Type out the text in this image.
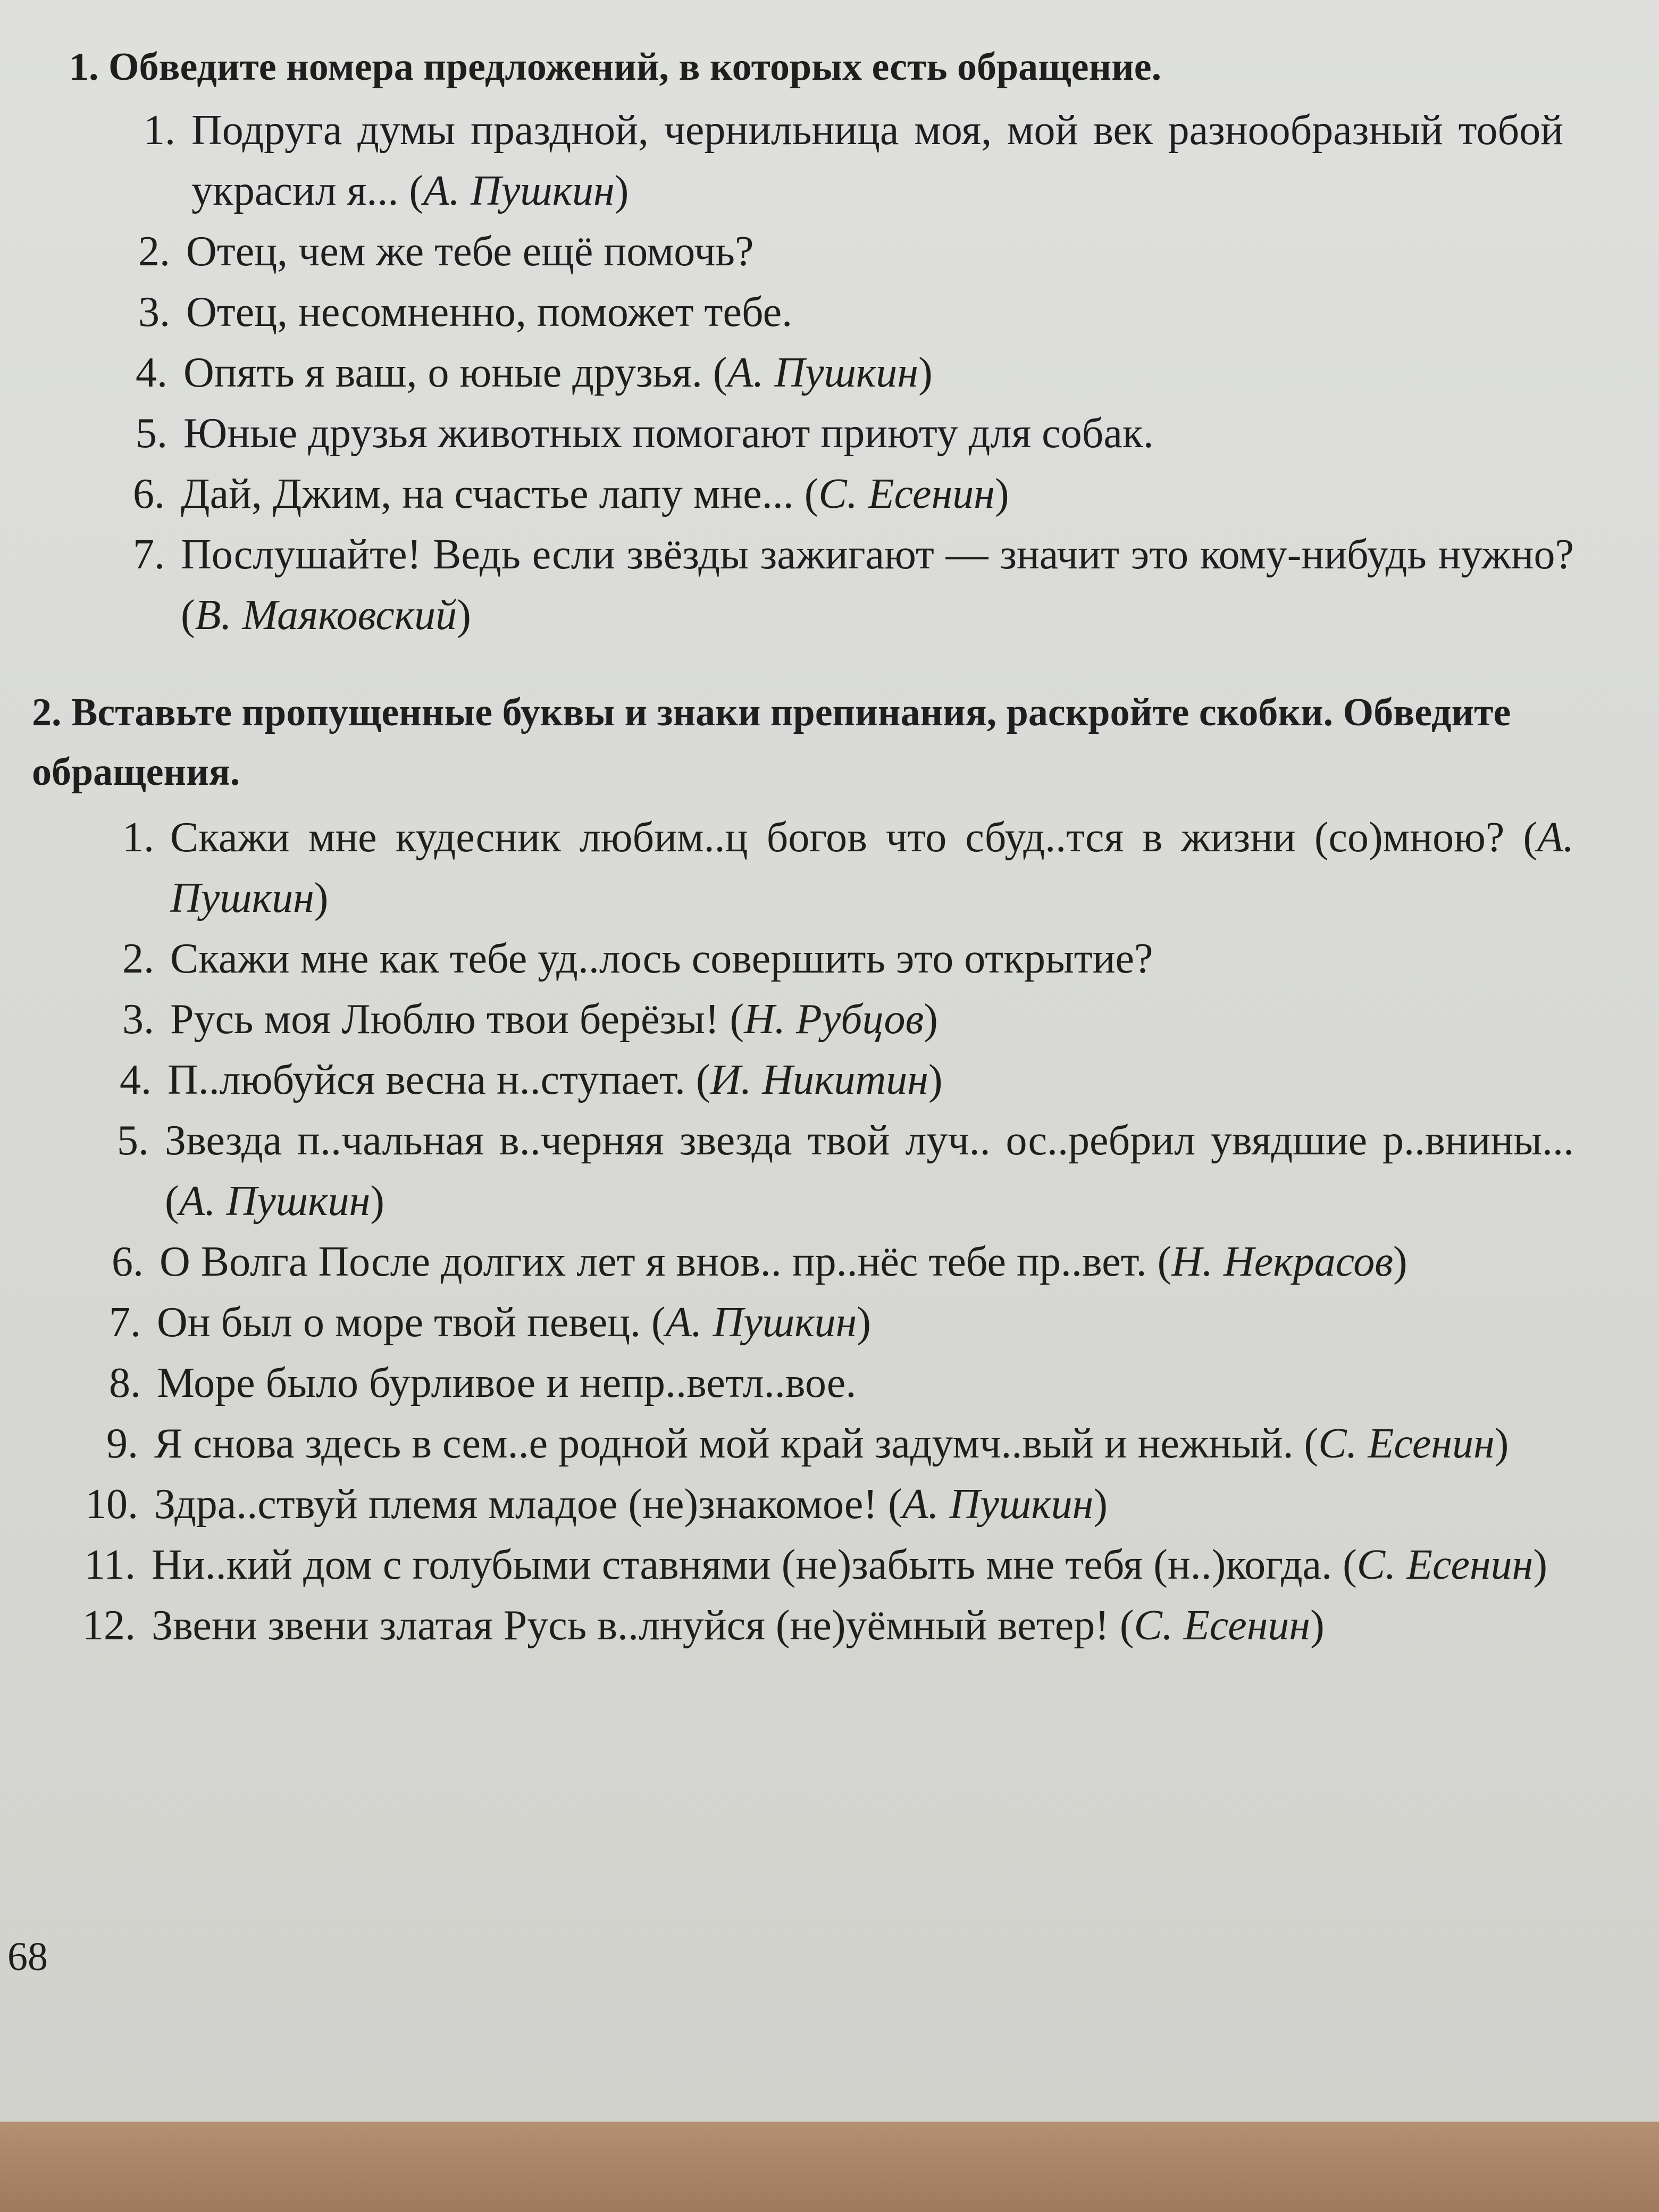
1. Обведите номера предложений, в которых есть обращение.
1. Подруга думы праздной, чернильница моя, мой век разнообразный тобой украсил я... (А. Пушкин)
2. Отец, чем же тебе ещё помочь?
3. Отец, несомненно, поможет тебе.
4. Опять я ваш, о юные друзья. (А. Пушкин)
5. Юные друзья животных помогают приюту для собак.
6. Дай, Джим, на счастье лапу мне... (С. Есенин)
7. Послушайте! Ведь если звёзды зажигают — значит это кому-нибудь нужно? (В. Маяковский)
2. Вставьте пропущенные буквы и знаки препинания, раскройте скобки. Обведите обращения.
1. Скажи мне кудесник любим..ц богов что сбуд..тся в жизни (со)мною? (А. Пушкин)
2. Скажи мне как тебе уд..лось совершить это открытие?
3. Русь моя Люблю твои берёзы! (Н. Рубцов)
4. П..любуйся весна н..ступает. (И. Никитин)
5. Звезда п..чальная в..черняя звезда твой луч.. ос..ребрил увядшие р..внины... (А. Пушкин)
6. О Волга После долгих лет я внов.. пр..нёс тебе пр..вет. (Н. Некрасов)
7. Он был о море твой певец. (А. Пушкин)
8. Море было бурливое и непр..ветл..вое.
9. Я снова здесь в сем..е родной мой край задумч..вый и нежный. (С. Есенин)
10. Здра..ствуй племя младое (не)знакомое! (А. Пушкин)
11. Ни..кий дом с голубыми ставнями (не)забыть мне тебя (н..)когда. (С. Есенин)
12. Звени звени златая Русь в..лнуйся (не)уёмный ветер! (С. Есенин)
68
